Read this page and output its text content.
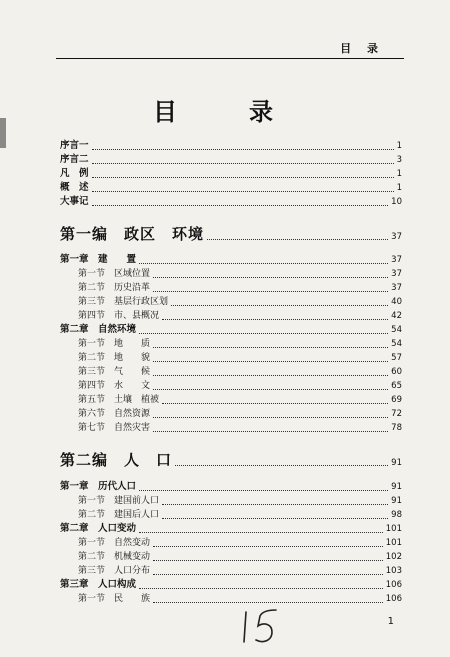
目 录
目　录
序言一	1
序言二	3
凡　例	1
概　述	1
大事记	10
第一编　政区　环境	37
第一章　建　　置	37
第一节　区域位置	37
第二节　历史沿革	37
第三节　基层行政区划	40
第四节　市、县概况	42
第二章　自然环境	54
第一节　地　　质	54
第二节　地　　貌	57
第三节　气　　候	60
第四节　水　　文	65
第五节　土壤　植被	69
第六节　自然资源	72
第七节　自然灾害	78
第二编　人　口	91
第一章　历代人口	91
第一节　建国前人口	91
第二节　建国后人口	98
第二章　人口变动	101
第一节　自然变动	101
第二节　机械变动	102
第三节　人口分布	103
第三章　人口构成	106
第一节　民　　族	106
15
1
